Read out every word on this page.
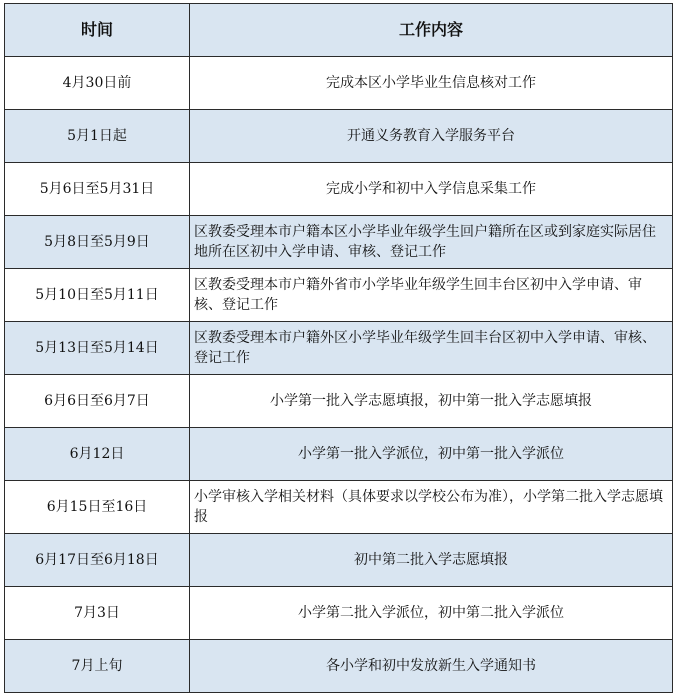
时间	工作内容
4月30日前	完成本区小学毕业生信息核对工作
5月1日起	开通义务教育入学服务平台
5月6日至5月31日	完成小学和初中入学信息采集工作
5月8日至5月9日	区教委受理本市户籍本区小学毕业年级学生回户籍所在区或到家庭实际居住地所在区初中入学申请、审核、登记工作
5月10日至5月11日	区教委受理本市户籍外省市小学毕业年级学生回丰台区初中入学申请、审核、登记工作
5月13日至5月14日	区教委受理本市户籍外区小学毕业年级学生回丰台区初中入学申请、审核、登记工作
6月6日至6月7日	小学第一批入学志愿填报，初中第一批入学志愿填报
6月12日	小学第一批入学派位，初中第一批入学派位
6月15日至16日	小学审核入学相关材料（具体要求以学校公布为准），小学第二批入学志愿填报
6月17日至6月18日	初中第二批入学志愿填报
7月3日	小学第二批入学派位，初中第二批入学派位
7月上旬	各小学和初中发放新生入学通知书
